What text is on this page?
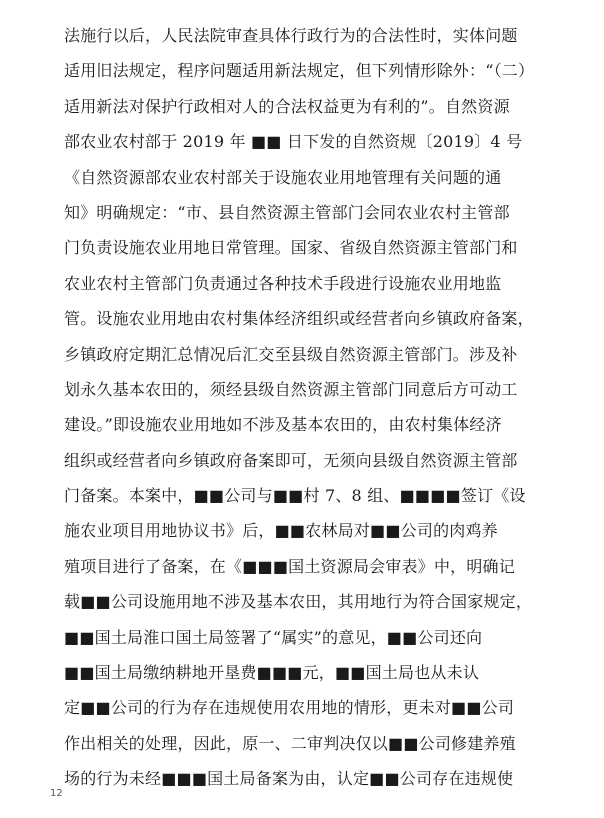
法施行以后，人民法院审查具体行政行为的合法性时，实体问题
适用旧法规定，程序问题适用新法规定，但下列情形除外：“（二）
适用新法对保护行政相对人的合法权益更为有利的”。自然资源
部农业农村部于 2019 年 ■■ 日下发的自然资规〔2019〕4 号
《自然资源部农业农村部关于设施农业用地管理有关问题的通
知》明确规定：“市、县自然资源主管部门会同农业农村主管部
门负责设施农业用地日常管理。国家、省级自然资源主管部门和
农业农村主管部门负责通过各种技术手段进行设施农业用地监
管。设施农业用地由农村集体经济组织或经营者向乡镇政府备案，
乡镇政府定期汇总情况后汇交至县级自然资源主管部门。涉及补
划永久基本农田的，须经县级自然资源主管部门同意后方可动工
建设。”即设施农业用地如不涉及基本农田的，由农村集体经济
组织或经营者向乡镇政府备案即可，无须向县级自然资源主管部
门备案。本案中，■■公司与■■村 7、8 组、■■■■签订《设
施农业项目用地协议书》后，■■农林局对■■公司的肉鸡养
殖项目进行了备案，在《■■■国土资源局会审表》中，明确记
载■■公司设施用地不涉及基本农田，其用地行为符合国家规定，
■■国土局淮口国土局签署了“属实”的意见，■■公司还向
■■国土局缴纳耕地开垦费■■■元，■■国土局也从未认
定■■公司的行为存在违规使用农用地的情形，更未对■■公司
作出相关的处理，因此，原一、二审判决仅以■■公司修建养殖
场的行为未经■■■国土局备案为由，认定■■公司存在违规使
12
